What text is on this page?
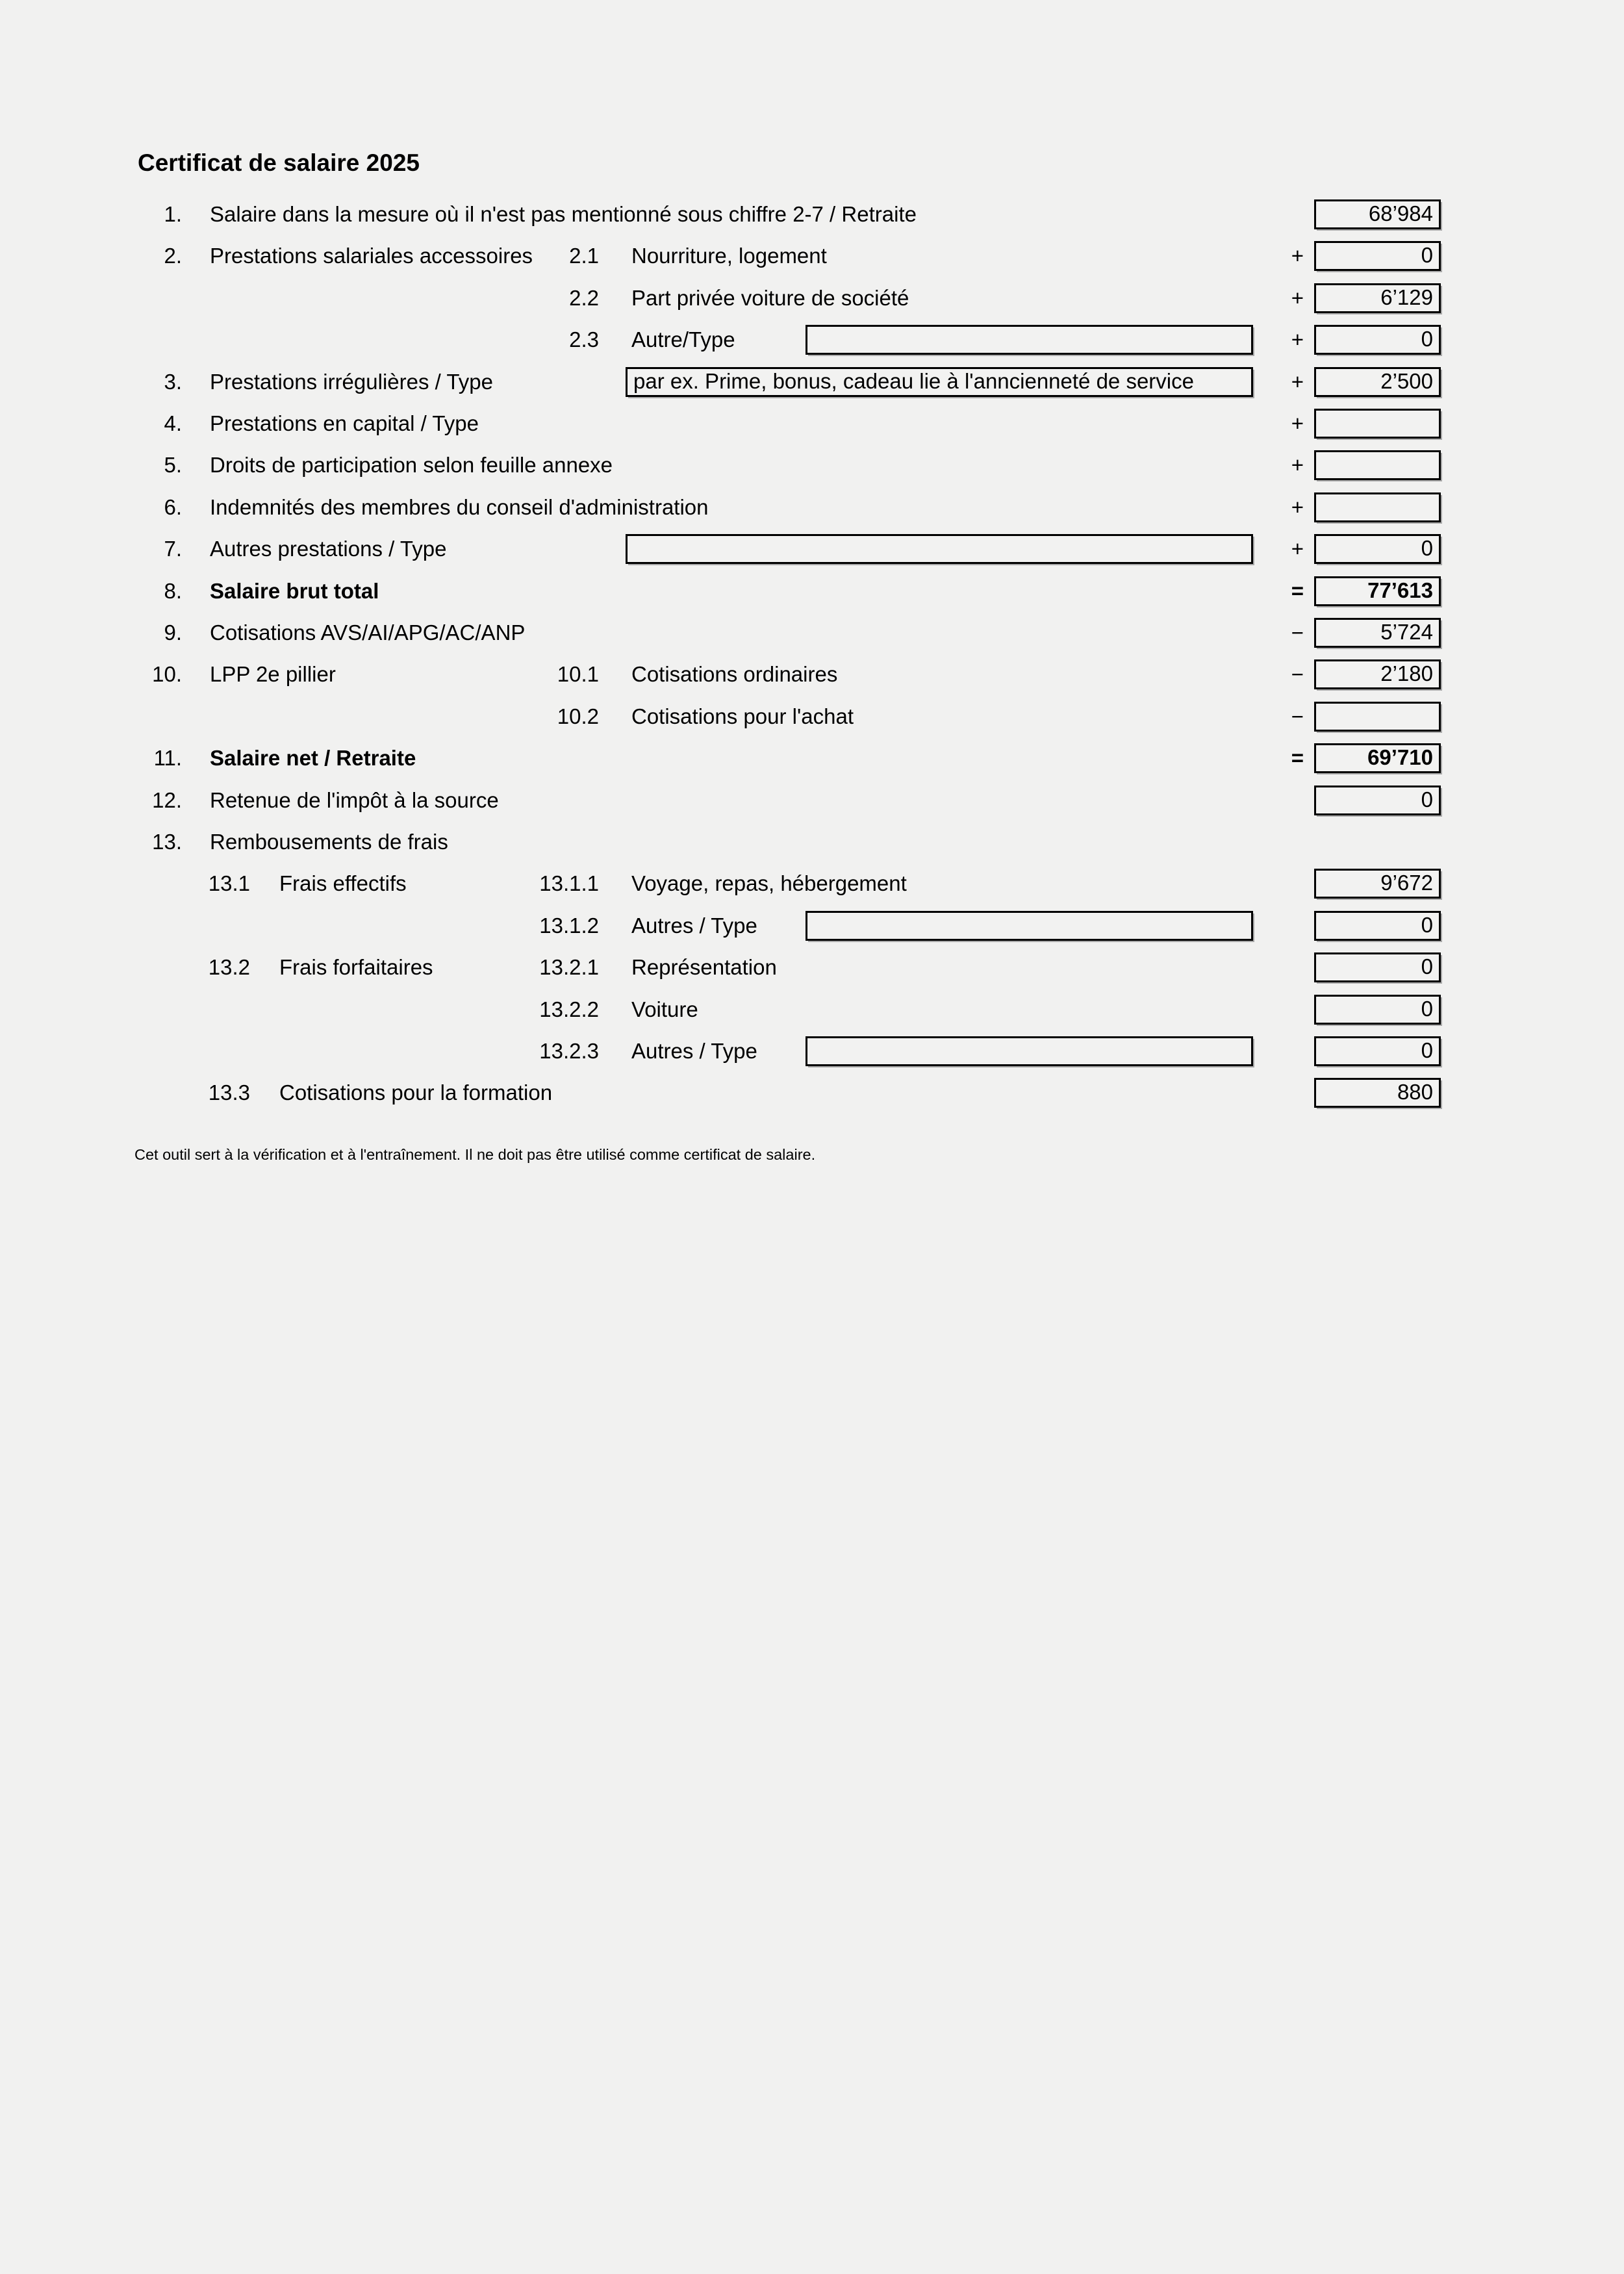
Certificat de salaire 2025
1. Salaire dans la mesure où il n'est pas mentionné sous chiffre 2-7 / Retraite	68’984
2. Prestations salariales accessoires	2.1 Nourriture, logement	+	0
2.2 Part privée voiture de société	+	6’129
2.3 Autre/Type	+	0
3. Prestations irrégulières / Type	par ex. Prime, bonus, cadeau lie à l'anncienneté de service	+	2’500
4. Prestations en capital / Type	+
5. Droits de participation selon feuille annexe	+
6. Indemnités des membres du conseil d'administration	+
7. Autres prestations / Type	+	0
8. Salaire brut total	=	77’613
9. Cotisations AVS/AI/APG/AC/ANP	−	5’724
10. LPP 2e pillier	10.1 Cotisations ordinaires	−	2’180
10.2 Cotisations pour l'achat	−
11. Salaire net / Retraite	=	69’710
12. Retenue de l'impôt à la source	0
13. Rembousements de frais
13.1 Frais effectifs	13.1.1 Voyage, repas, hébergement	9’672
13.1.2 Autres / Type	0
13.2 Frais forfaitaires	13.2.1 Représentation	0
13.2.2 Voiture	0
13.2.3 Autres / Type	0
13.3 Cotisations pour la formation	880
Cet outil sert à la vérification et à l'entraînement. Il ne doit pas être utilisé comme certificat de salaire.
